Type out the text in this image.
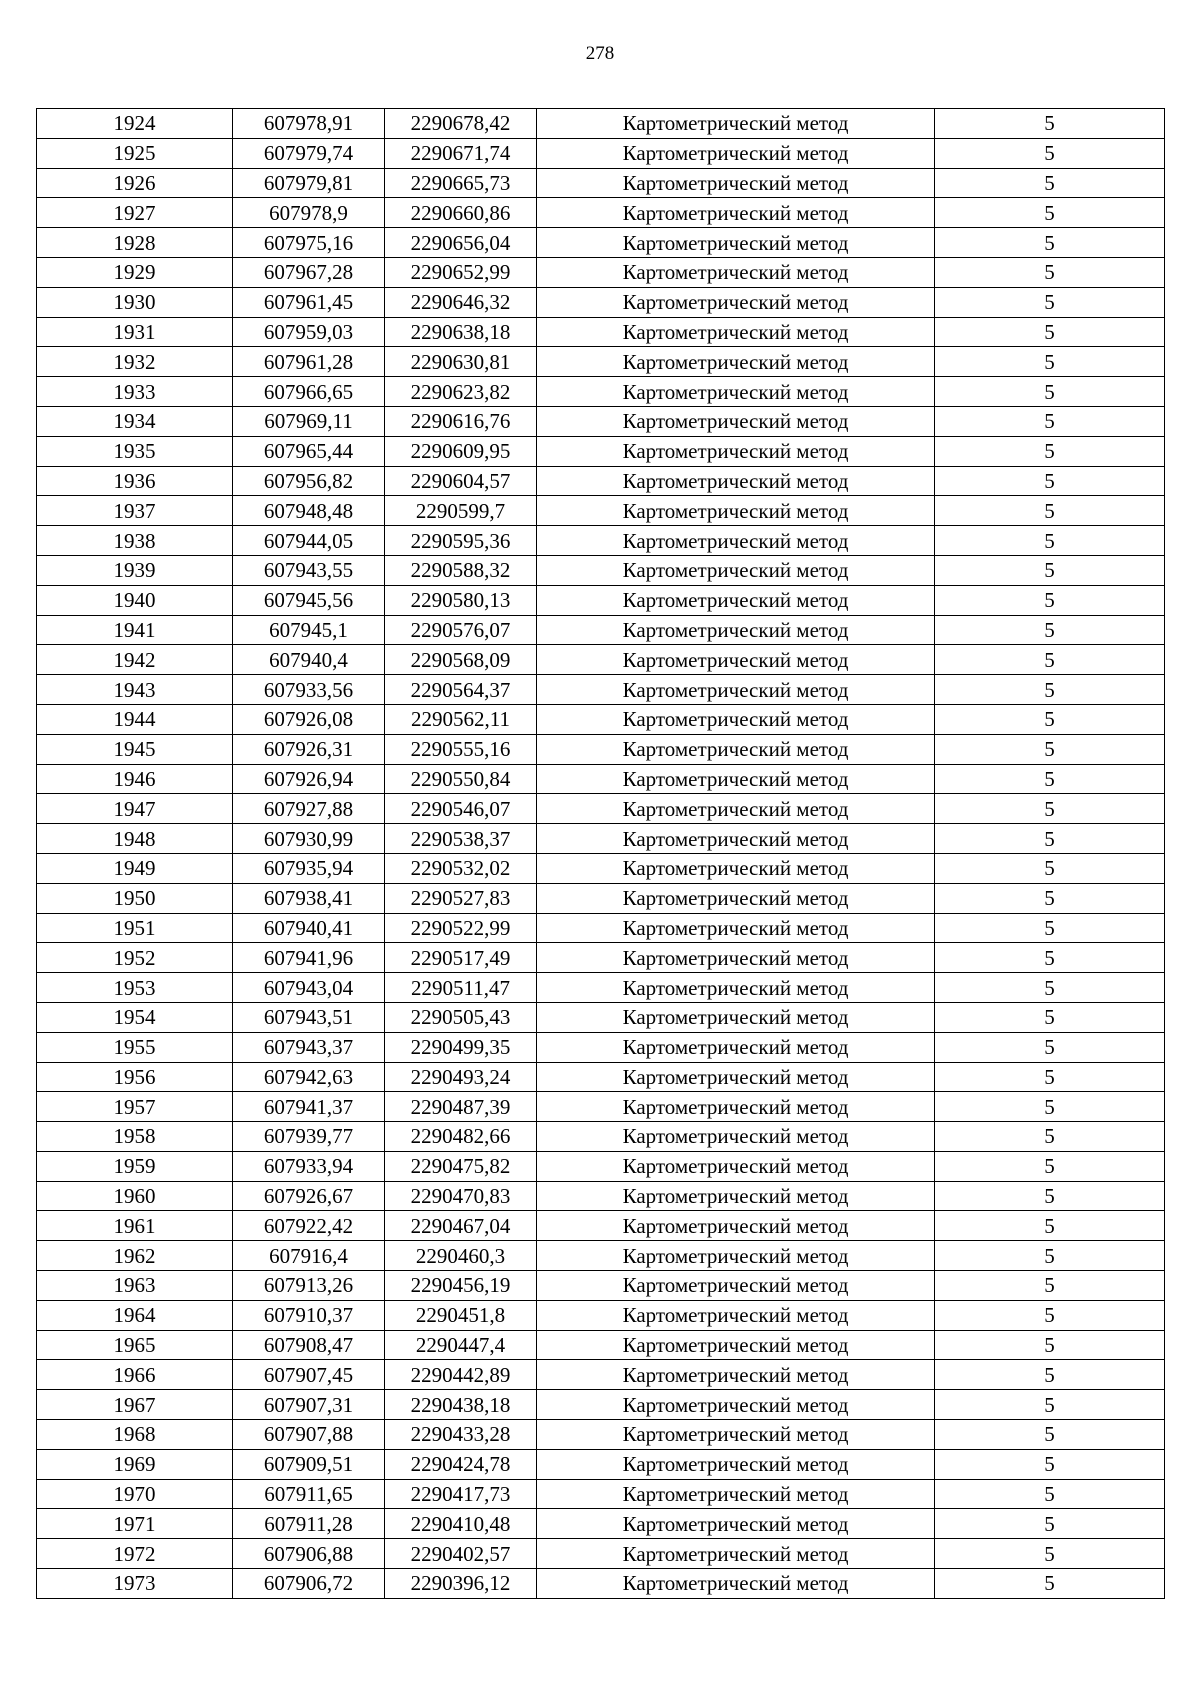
278
1924	607978,91	2290678,42	Картометрический метод	5
1925	607979,74	2290671,74	Картометрический метод	5
1926	607979,81	2290665,73	Картометрический метод	5
1927	607978,9	2290660,86	Картометрический метод	5
1928	607975,16	2290656,04	Картометрический метод	5
1929	607967,28	2290652,99	Картометрический метод	5
1930	607961,45	2290646,32	Картометрический метод	5
1931	607959,03	2290638,18	Картометрический метод	5
1932	607961,28	2290630,81	Картометрический метод	5
1933	607966,65	2290623,82	Картометрический метод	5
1934	607969,11	2290616,76	Картометрический метод	5
1935	607965,44	2290609,95	Картометрический метод	5
1936	607956,82	2290604,57	Картометрический метод	5
1937	607948,48	2290599,7	Картометрический метод	5
1938	607944,05	2290595,36	Картометрический метод	5
1939	607943,55	2290588,32	Картометрический метод	5
1940	607945,56	2290580,13	Картометрический метод	5
1941	607945,1	2290576,07	Картометрический метод	5
1942	607940,4	2290568,09	Картометрический метод	5
1943	607933,56	2290564,37	Картометрический метод	5
1944	607926,08	2290562,11	Картометрический метод	5
1945	607926,31	2290555,16	Картометрический метод	5
1946	607926,94	2290550,84	Картометрический метод	5
1947	607927,88	2290546,07	Картометрический метод	5
1948	607930,99	2290538,37	Картометрический метод	5
1949	607935,94	2290532,02	Картометрический метод	5
1950	607938,41	2290527,83	Картометрический метод	5
1951	607940,41	2290522,99	Картометрический метод	5
1952	607941,96	2290517,49	Картометрический метод	5
1953	607943,04	2290511,47	Картометрический метод	5
1954	607943,51	2290505,43	Картометрический метод	5
1955	607943,37	2290499,35	Картометрический метод	5
1956	607942,63	2290493,24	Картометрический метод	5
1957	607941,37	2290487,39	Картометрический метод	5
1958	607939,77	2290482,66	Картометрический метод	5
1959	607933,94	2290475,82	Картометрический метод	5
1960	607926,67	2290470,83	Картометрический метод	5
1961	607922,42	2290467,04	Картометрический метод	5
1962	607916,4	2290460,3	Картометрический метод	5
1963	607913,26	2290456,19	Картометрический метод	5
1964	607910,37	2290451,8	Картометрический метод	5
1965	607908,47	2290447,4	Картометрический метод	5
1966	607907,45	2290442,89	Картометрический метод	5
1967	607907,31	2290438,18	Картометрический метод	5
1968	607907,88	2290433,28	Картометрический метод	5
1969	607909,51	2290424,78	Картометрический метод	5
1970	607911,65	2290417,73	Картометрический метод	5
1971	607911,28	2290410,48	Картометрический метод	5
1972	607906,88	2290402,57	Картометрический метод	5
1973	607906,72	2290396,12	Картометрический метод	5
